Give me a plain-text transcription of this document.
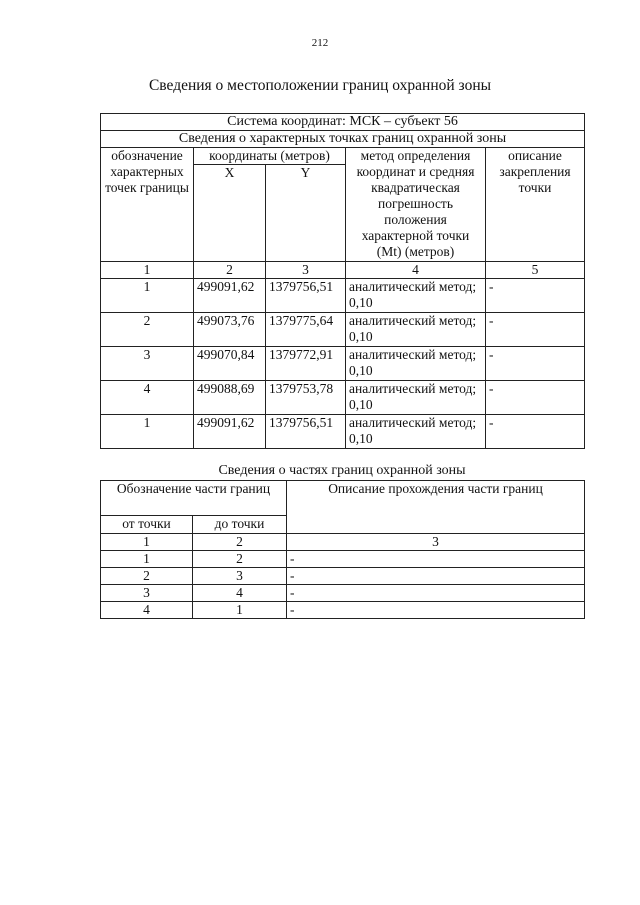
212
Сведения о местоположении границ охранной зоны
Система координат: МСК – субъект 56				
Сведения о характерных точках границ охранной зоны				
обозначение характерных точек границы	координаты (метров)		метод определения координат и средняя квадратическая погрешность положения характерной точки (Mt) (метров)	описание закрепления точки
	X	Y		
1	2	3	4	5
1	499091,62	1379756,51	аналитический метод; 0,10	-
2	499073,76	1379775,64	аналитический метод; 0,10	-
3	499070,84	1379772,91	аналитический метод; 0,10	-
4	499088,69	1379753,78	аналитический метод; 0,10	-
1	499091,62	1379756,51	аналитический метод; 0,10	-
Сведения о частях границ охранной зоны
Обозначение части границ		Описание прохождения части границ
от точки	до точки	
1	2	3
1	2	-
2	3	-
3	4	-
4	1	-
